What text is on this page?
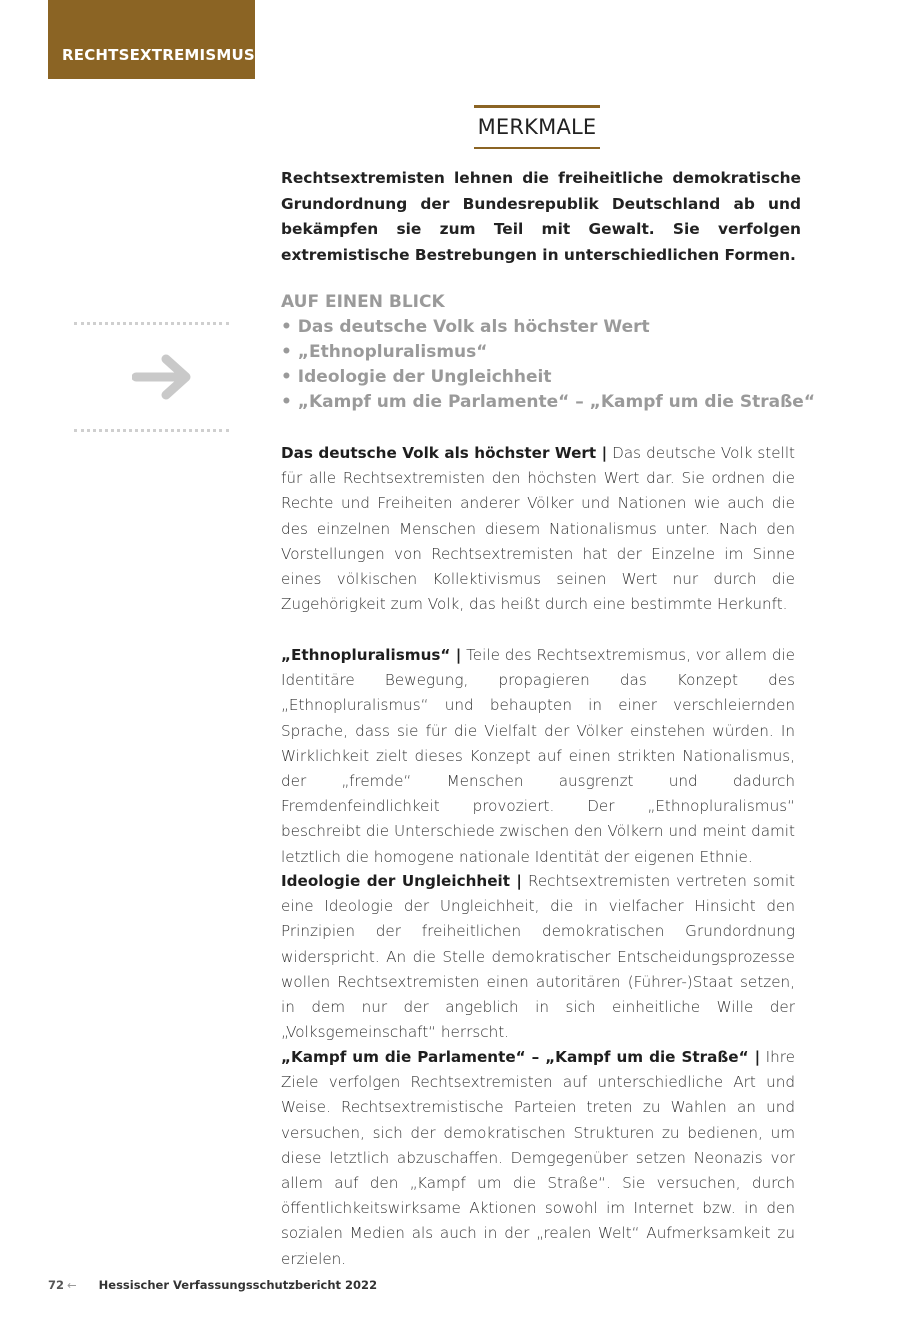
RECHTSEXTREMISMUS
MERKMALE
Rechtsextremisten lehnen die freiheitliche demokratische Grundordnung der Bundesrepublik Deutschland ab und bekämpfen sie zum Teil mit Gewalt. Sie verfolgen extremistische Bestrebungen in unterschiedlichen Formen.
AUF EINEN BLICK
• Das deutsche Volk als höchster Wert
• „Ethnopluralismus“
• Ideologie der Ungleichheit
• „Kampf um die Parlamente“ – „Kampf um die Straße“
Das deutsche Volk als höchster Wert | Das deutsche Volk stellt für alle Rechtsextremisten den höchsten Wert dar. Sie ordnen die Rechte und Freiheiten anderer Völker und Nationen wie auch die des einzelnen Menschen diesem Nationalismus unter. Nach den Vorstellungen von Rechtsextremisten hat der Einzelne im Sinne eines völkischen Kollektivismus seinen Wert nur durch die Zugehörigkeit zum Volk, das heißt durch eine bestimmte Herkunft.
„Ethnopluralismus“ | Teile des Rechtsextremismus, vor allem die Identitäre Bewegung, propagieren das Konzept des „Ethnopluralismus“ und behaupten in einer verschleiernden Sprache, dass sie für die Vielfalt der Völker einstehen würden. In Wirklichkeit zielt dieses Konzept auf einen strikten Nationalismus, der „fremde“ Menschen ausgrenzt und dadurch Fremdenfeindlichkeit provoziert. Der „Ethnopluralismus“ beschreibt die Unterschiede zwischen den Völkern und meint damit letztlich die homogene nationale Identität der eigenen Ethnie.
Ideologie der Ungleichheit | Rechtsextremisten vertreten somit eine Ideologie der Ungleichheit, die in vielfacher Hinsicht den Prinzipien der freiheitlichen demokratischen Grundordnung widerspricht. An die Stelle demokratischer Entscheidungsprozesse wollen Rechtsextremisten einen autoritären (Führer-)Staat setzen, in dem nur der angeblich in sich einheitliche Wille der „Volksgemeinschaft“ herrscht.
„Kampf um die Parlamente“ – „Kampf um die Straße“ | Ihre Ziele verfolgen Rechtsextremisten auf unterschiedliche Art und Weise. Rechtsextremistische Parteien treten zu Wahlen an und versuchen, sich der demokratischen Strukturen zu bedienen, um diese letztlich abzuschaffen. Demgegenüber setzen Neonazis vor allem auf den „Kampf um die Straße“. Sie versuchen, durch öffentlichkeitswirksame Aktionen sowohl im Internet bzw. in den sozialen Medien als auch in der „realen Welt“ Aufmerksamkeit zu erzielen.
72 ← Hessischer Verfassungsschutzbericht 2022
